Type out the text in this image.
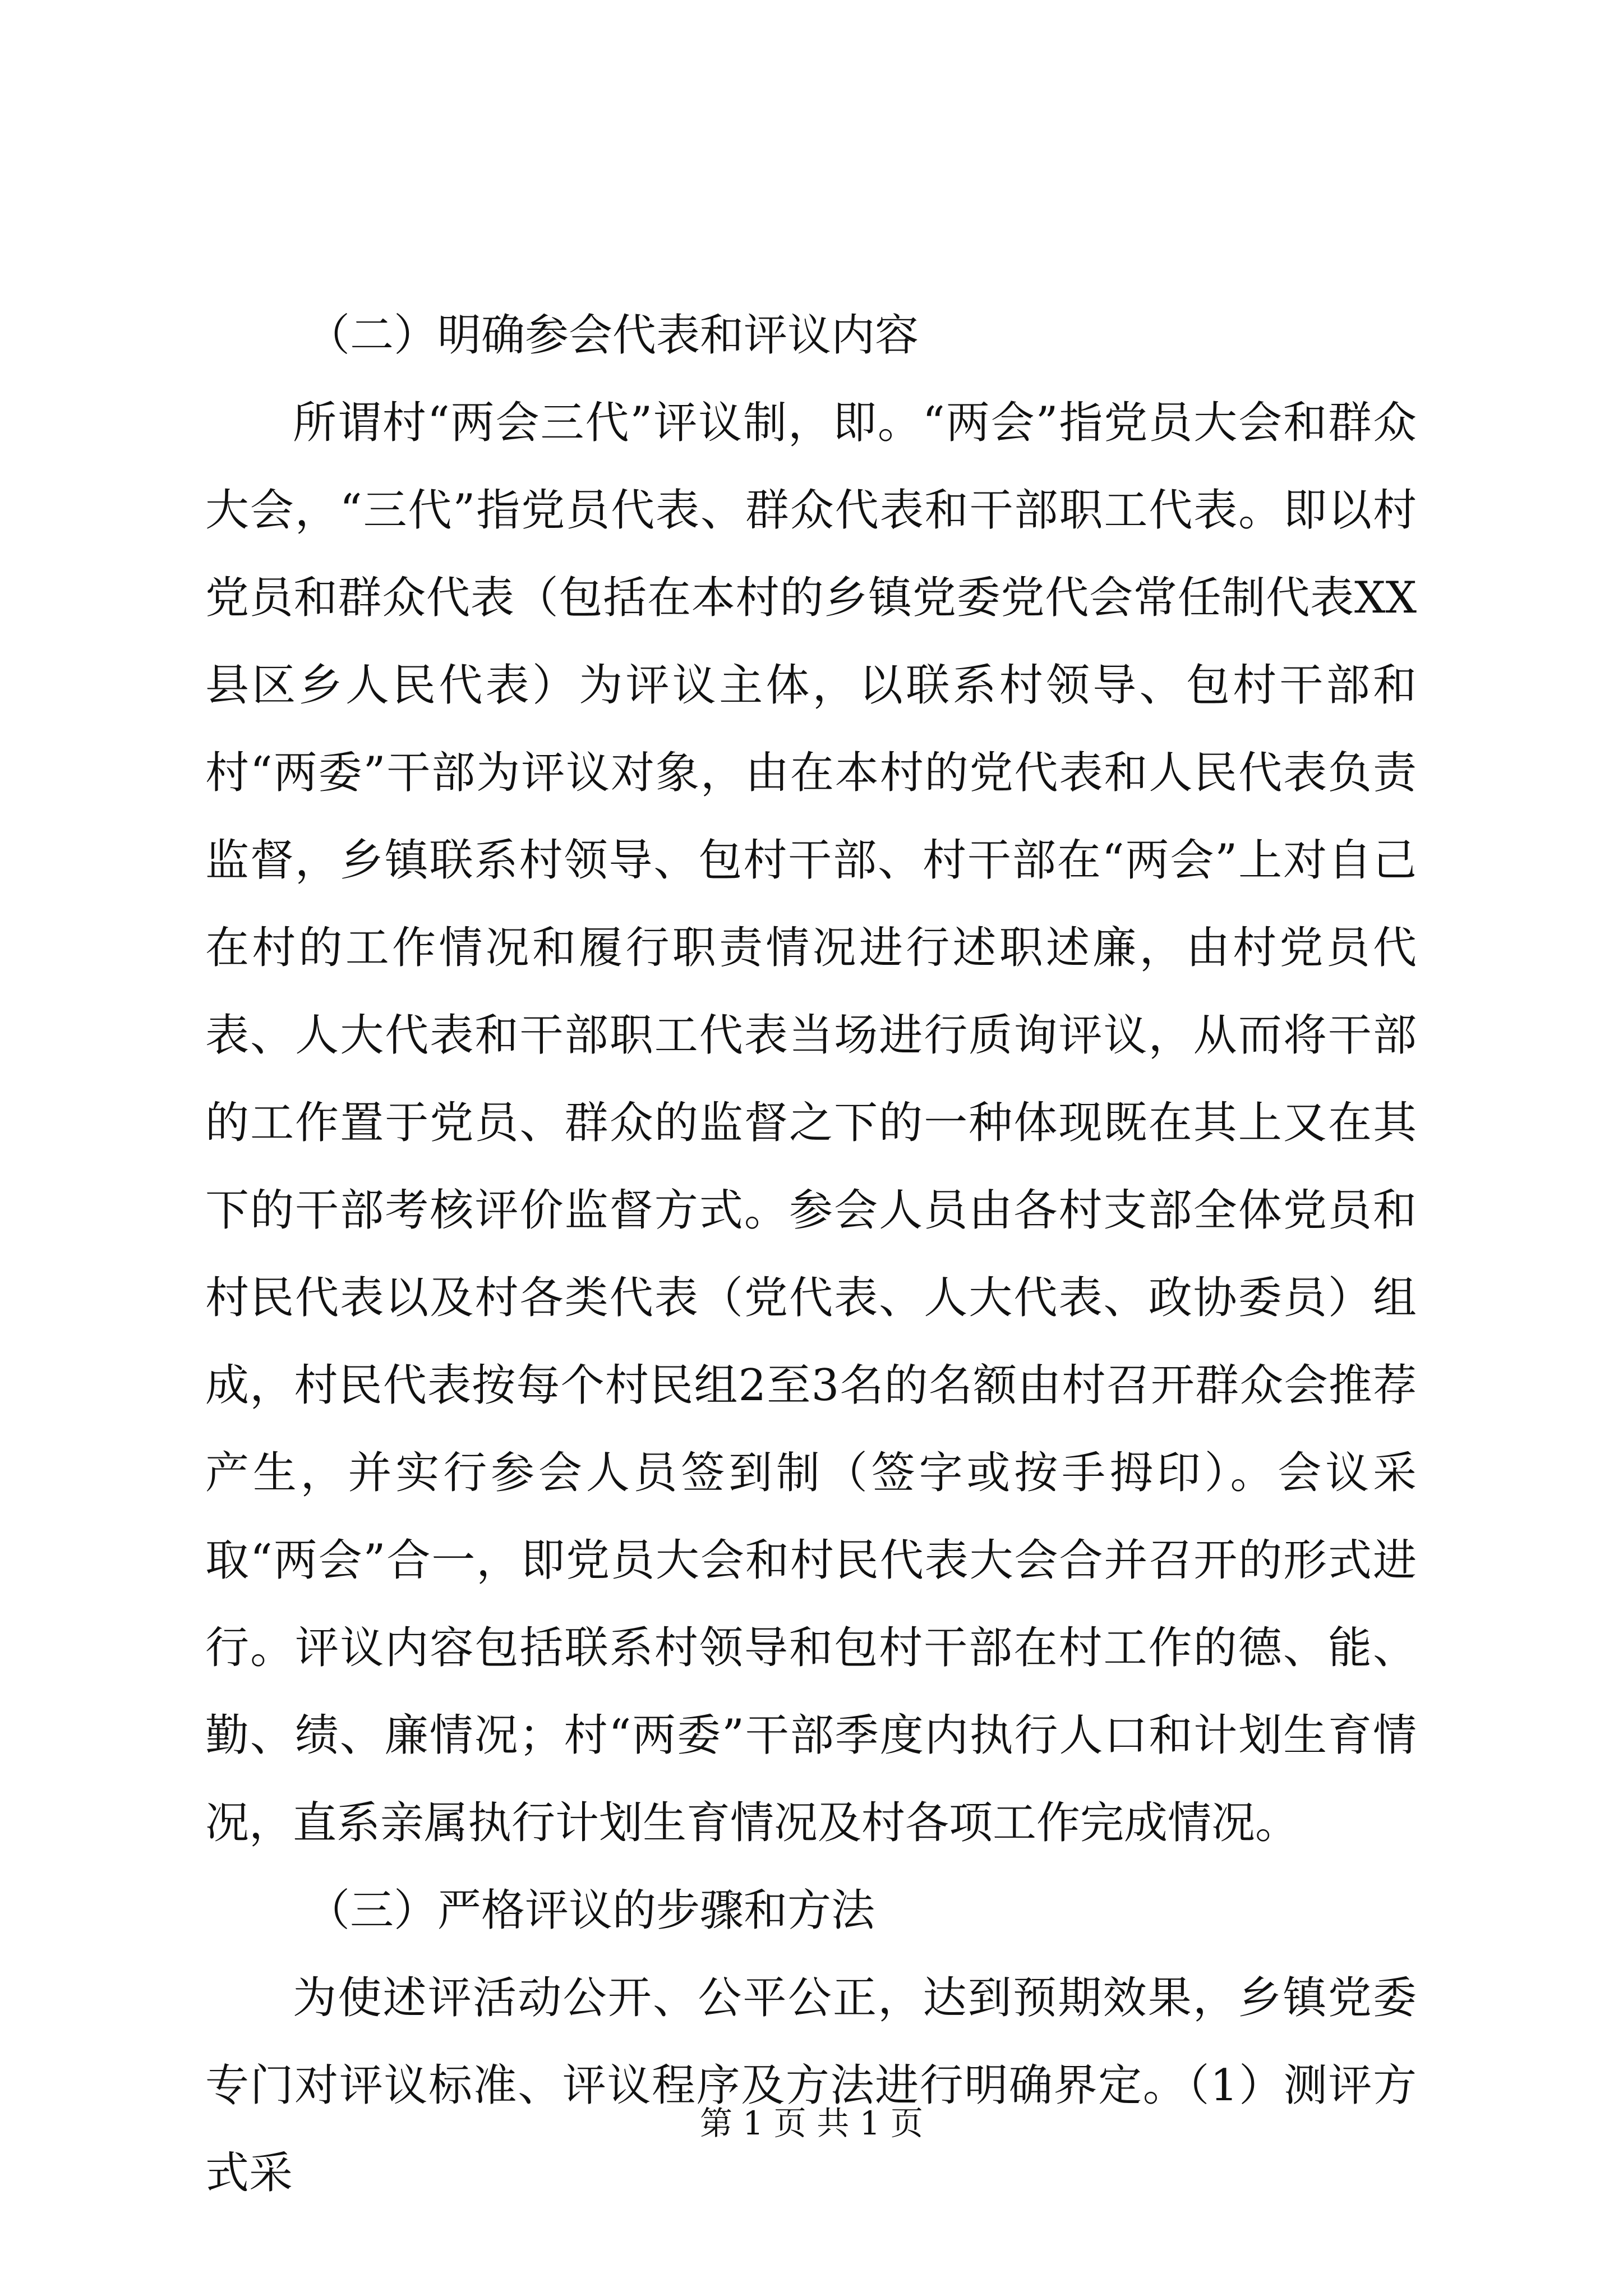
（二）明确参会代表和评议内容
所谓村“两会三代”评议制，即。“两会”指党员大会和群众大会，“三代”指党员代表、群众代表和干部职工代表。即以村党员和群众代表（包括在本村的乡镇党委党代会常任制代表XX县区乡人民代表）为评议主体，以联系村领导、包村干部和村“两委”干部为评议对象，由在本村的党代表和人民代表负责监督，乡镇联系村领导、包村干部、村干部在“两会”上对自己在村的工作情况和履行职责情况进行述职述廉，由村党员代表、人大代表和干部职工代表当场进行质询评议，从而将干部的工作置于党员、群众的监督之下的一种体现既在其上又在其下的干部考核评价监督方式。参会人员由各村支部全体党员和村民代表以及村各类代表（党代表、人大代表、政协委员）组成，村民代表按每个村民组2至3名的名额由村召开群众会推荐产生，并实行参会人员签到制（签字或按手拇印）。会议采取“两会”合一，即党员大会和村民代表大会合并召开的形式进行。评议内容包括联系村领导和包村干部在村工作的德、能、勤、绩、廉情况；村“两委”干部季度内执行人口和计划生育情况，直系亲属执行计划生育情况及村各项工作完成情况。
（三）严格评议的步骤和方法
为使述评活动公开、公平公正，达到预期效果，乡镇党委专门对评议标准、评议程序及方法进行明确界定。（1）测评方式采
第 1 页 共 1 页
